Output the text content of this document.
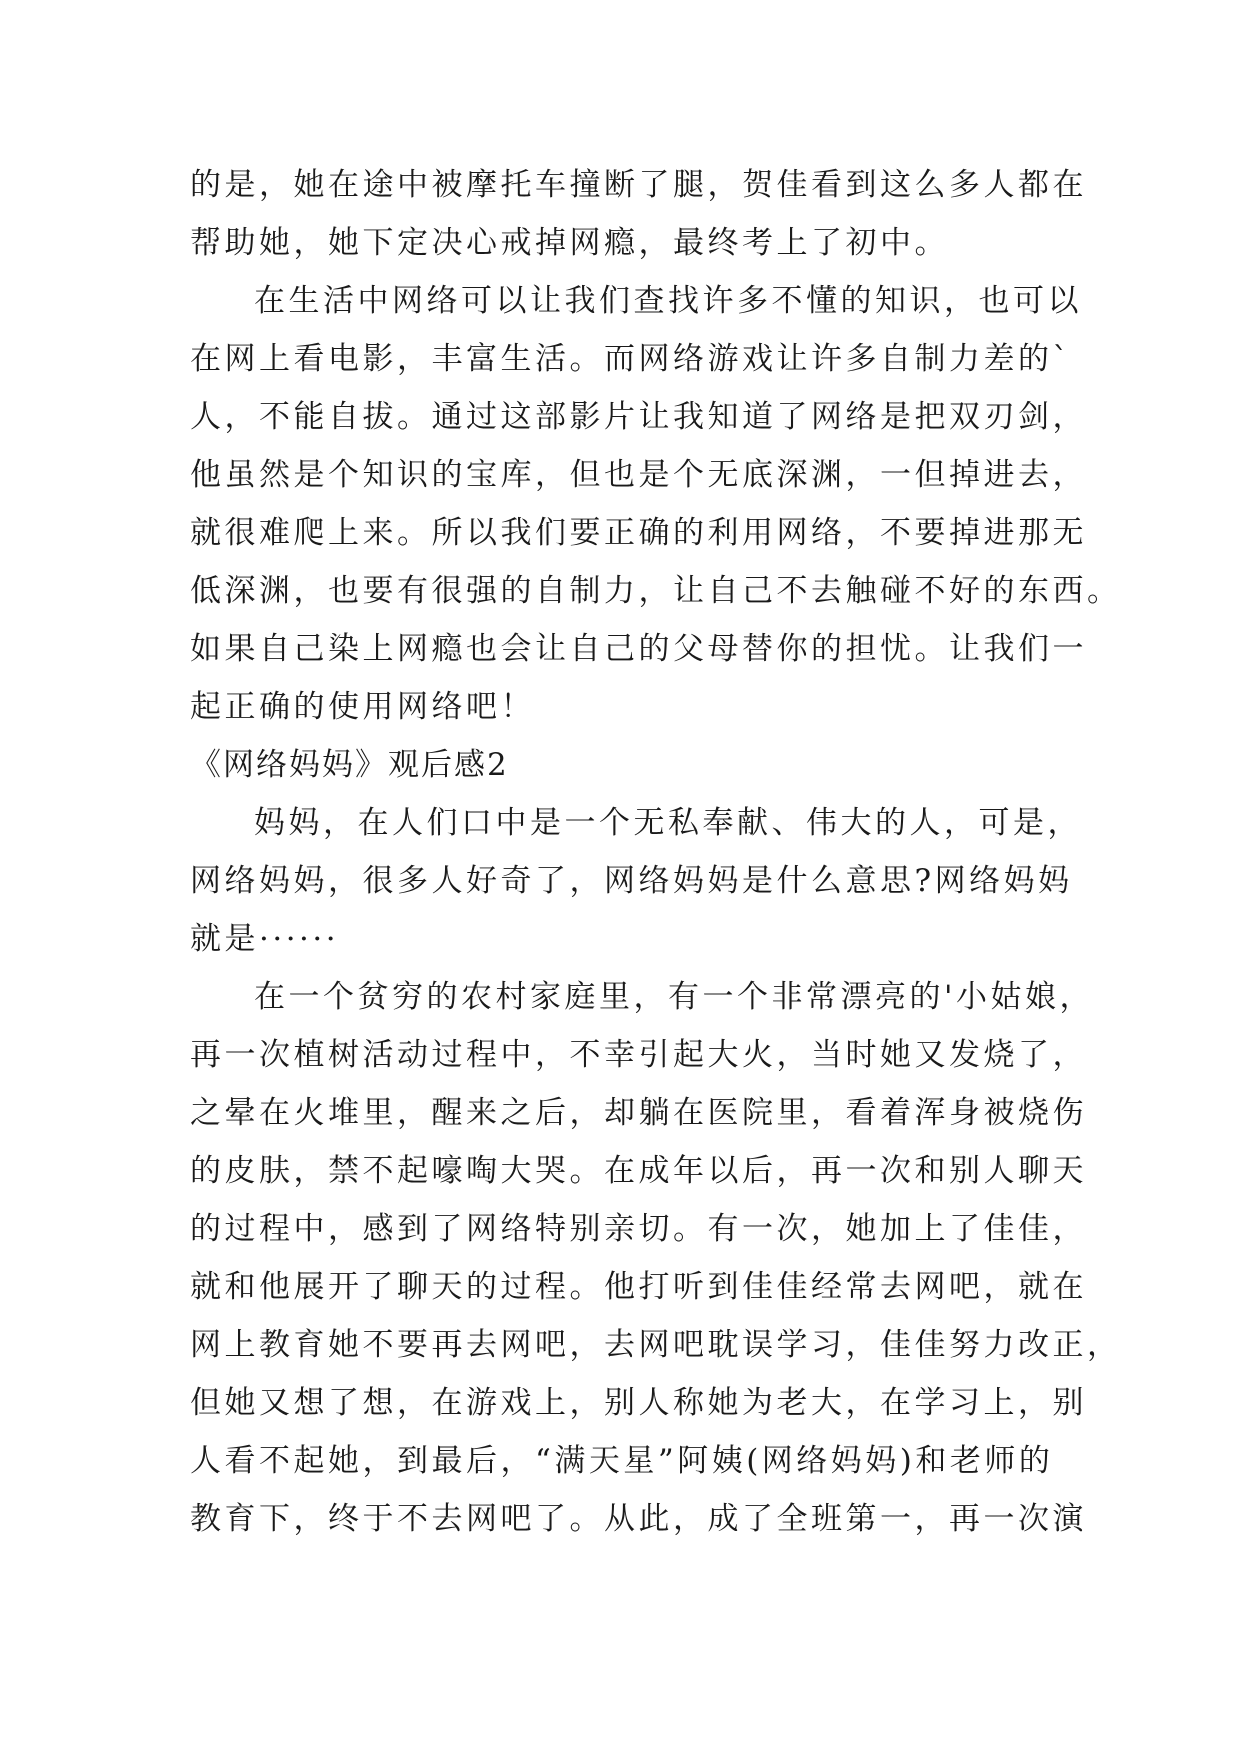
的是，她在途中被摩托车撞断了腿，贺佳看到这么多人都在
帮助她，她下定决心戒掉网瘾，最终考上了初中。
在生活中网络可以让我们查找许多不懂的知识，也可以
在网上看电影，丰富生活。而网络游戏让许多自制力差的`
人，不能自拔。通过这部影片让我知道了网络是把双刃剑，
他虽然是个知识的宝库，但也是个无底深渊，一但掉进去，
就很难爬上来。所以我们要正确的利用网络，不要掉进那无
低深渊，也要有很强的自制力，让自己不去触碰不好的东西。
如果自己染上网瘾也会让自己的父母替你的担忧。让我们一
起正确的使用网络吧！
《网络妈妈》观后感2
妈妈，在人们口中是一个无私奉献、伟大的人，可是，
网络妈妈，很多人好奇了，网络妈妈是什么意思?网络妈妈
就是······
在一个贫穷的农村家庭里，有一个非常漂亮的'小姑娘，
再一次植树活动过程中，不幸引起大火，当时她又发烧了，
之晕在火堆里，醒来之后，却躺在医院里，看着浑身被烧伤
的皮肤，禁不起嚎啕大哭。在成年以后，再一次和别人聊天
的过程中，感到了网络特别亲切。有一次，她加上了佳佳，
就和他展开了聊天的过程。他打听到佳佳经常去网吧，就在
网上教育她不要再去网吧，去网吧耽误学习，佳佳努力改正，
但她又想了想，在游戏上，别人称她为老大，在学习上，别
人看不起她，到最后，“满天星”阿姨(网络妈妈)和老师的
教育下，终于不去网吧了。从此，成了全班第一，再一次演
